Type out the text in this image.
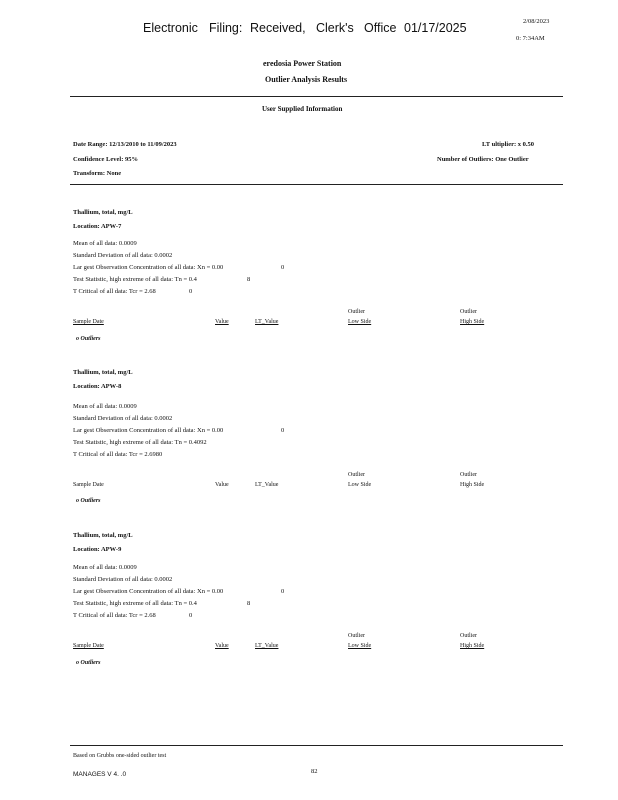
Electronic Filing: Received, Clerk's Office 01/17/2025	2/08/2023
0: 7:34AM
eredosia Power Station
Outlier Analysis Results
User Supplied Information
Date Range: 12/13/2010 to 11/09/2023	LT ultiplier: x 0.50
Confidence Level: 95%	Number of Outliers: One Outlier
Transform: None
Thallium, total, mg/L
Location: APW-7
Mean of all data: 0.0009
Standard Deviation of all data: 0.0002
Lar gest Observation Concentration of all data: Xn = 0.00	0
Test Statistic, high extreme of all data: Tn = 0.4	8
T Critical of all data: Tcr = 2.68	0
Outlier	Outlier
Sample Date	Value	LT_Value	Low Side	High Side
o Outliers
Thallium, total, mg/L
Location: APW-8
Mean of all data: 0.0009
Standard Deviation of all data: 0.0002
Lar gest Observation Concentration of all data: Xn = 0.00	0
Test Statistic, high extreme of all data: Tn = 0.4092
T Critical of all data: Tcr = 2.6980
Outlier	Outlier
Sample Date	Value	LT_Value	Low Side	High Side
o Outliers
Thallium, total, mg/L
Location: APW-9
Mean of all data: 0.0009
Standard Deviation of all data: 0.0002
Lar gest Observation Concentration of all data: Xn = 0.00	0
Test Statistic, high extreme of all data: Tn = 0.4	8
T Critical of all data: Tcr = 2.68	0
Outlier	Outlier
Sample Date	Value	LT_Value	Low Side	High Side
o Outliers
Based on Grubbs one-sided outlier test
MANAGES V 4. .0	82
